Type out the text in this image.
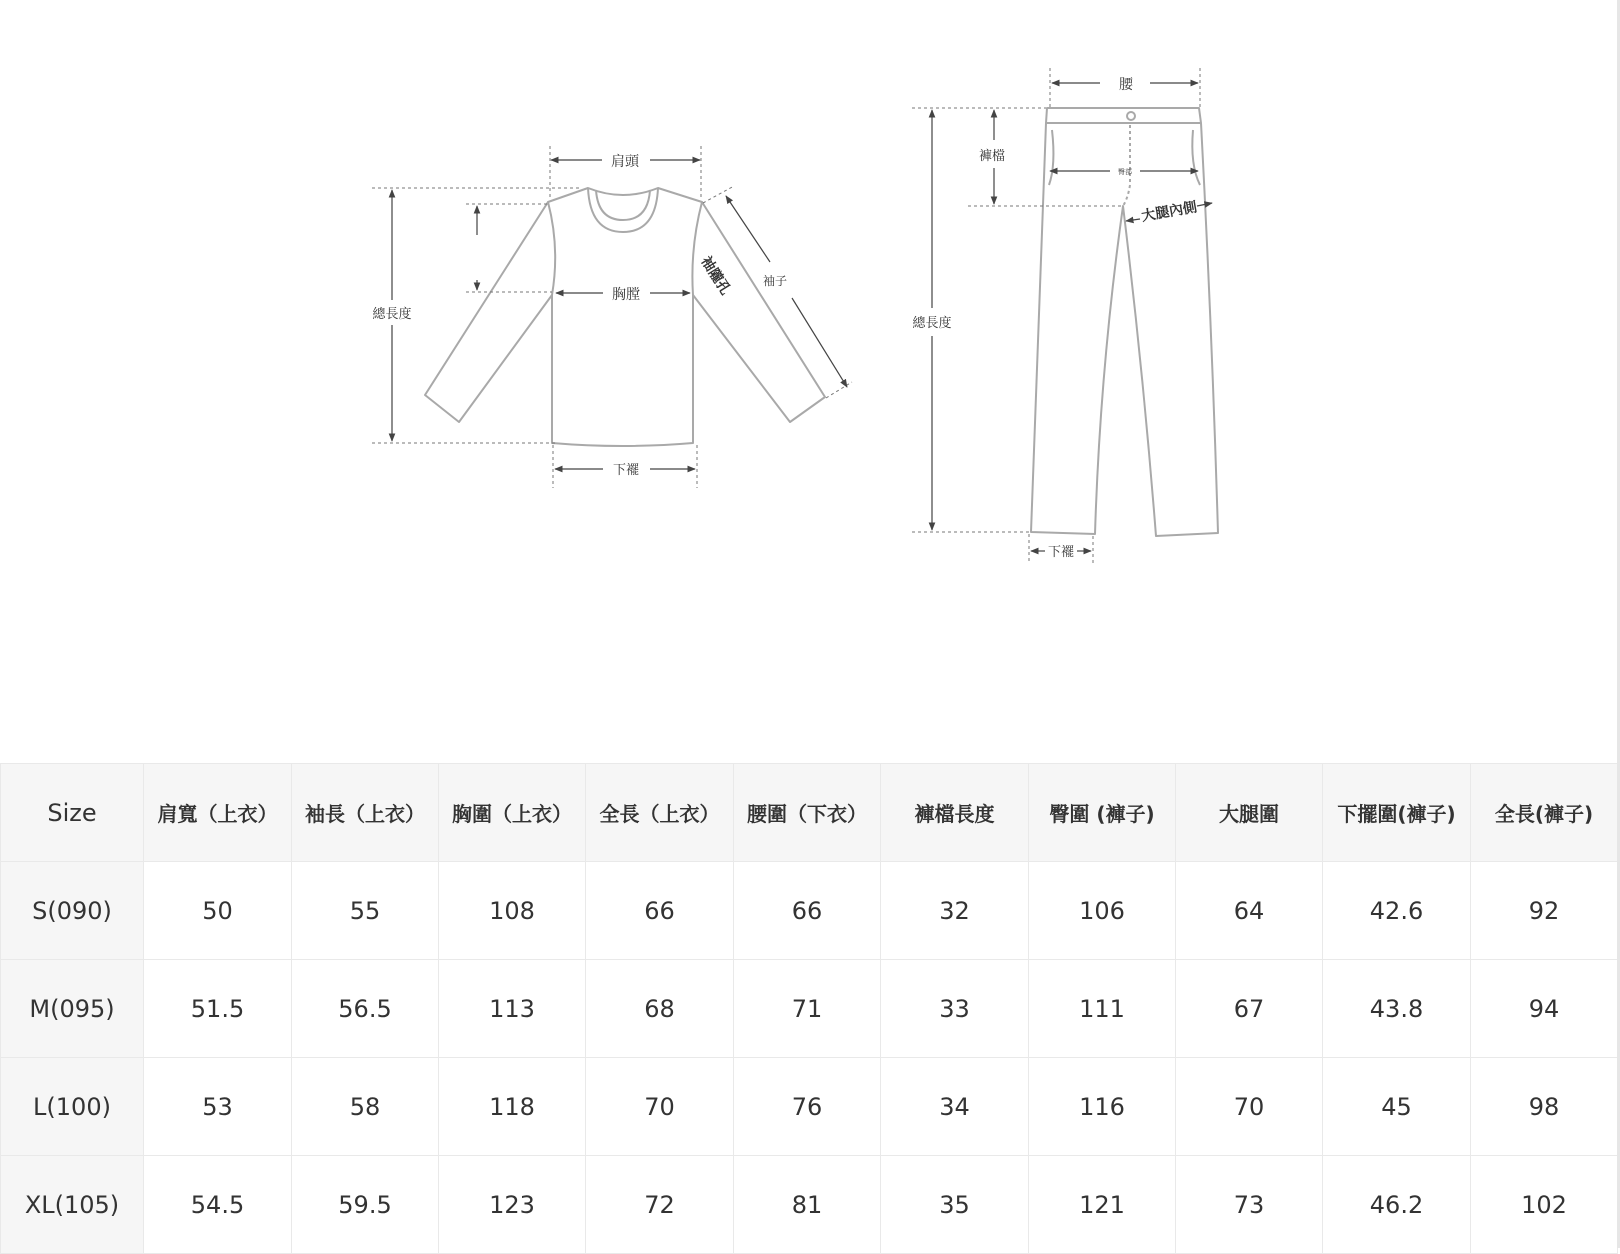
肩頭
總長度
胸膛	袖隴孔 袖子
下襬
腰
褲檔
臀部
大腿內側
總長度
下襬
Size	肩寬（上衣）	袖長（上衣）	胸圍（上衣）	全長（上衣）	腰圍（下衣）	褲檔長度	臀圍 (褲子)	大腿圍	下擺圍(褲子)	全長(褲子)
S(090)	50	55	108	66	66	32	106	64	42.6	92
M(095)	51.5	56.5	113	68	71	33	111	67	43.8	94
L(100)	53	58	118	70	76	34	116	70	45	98
XL(105)	54.5	59.5	123	72	81	35	121	73	46.2	102
